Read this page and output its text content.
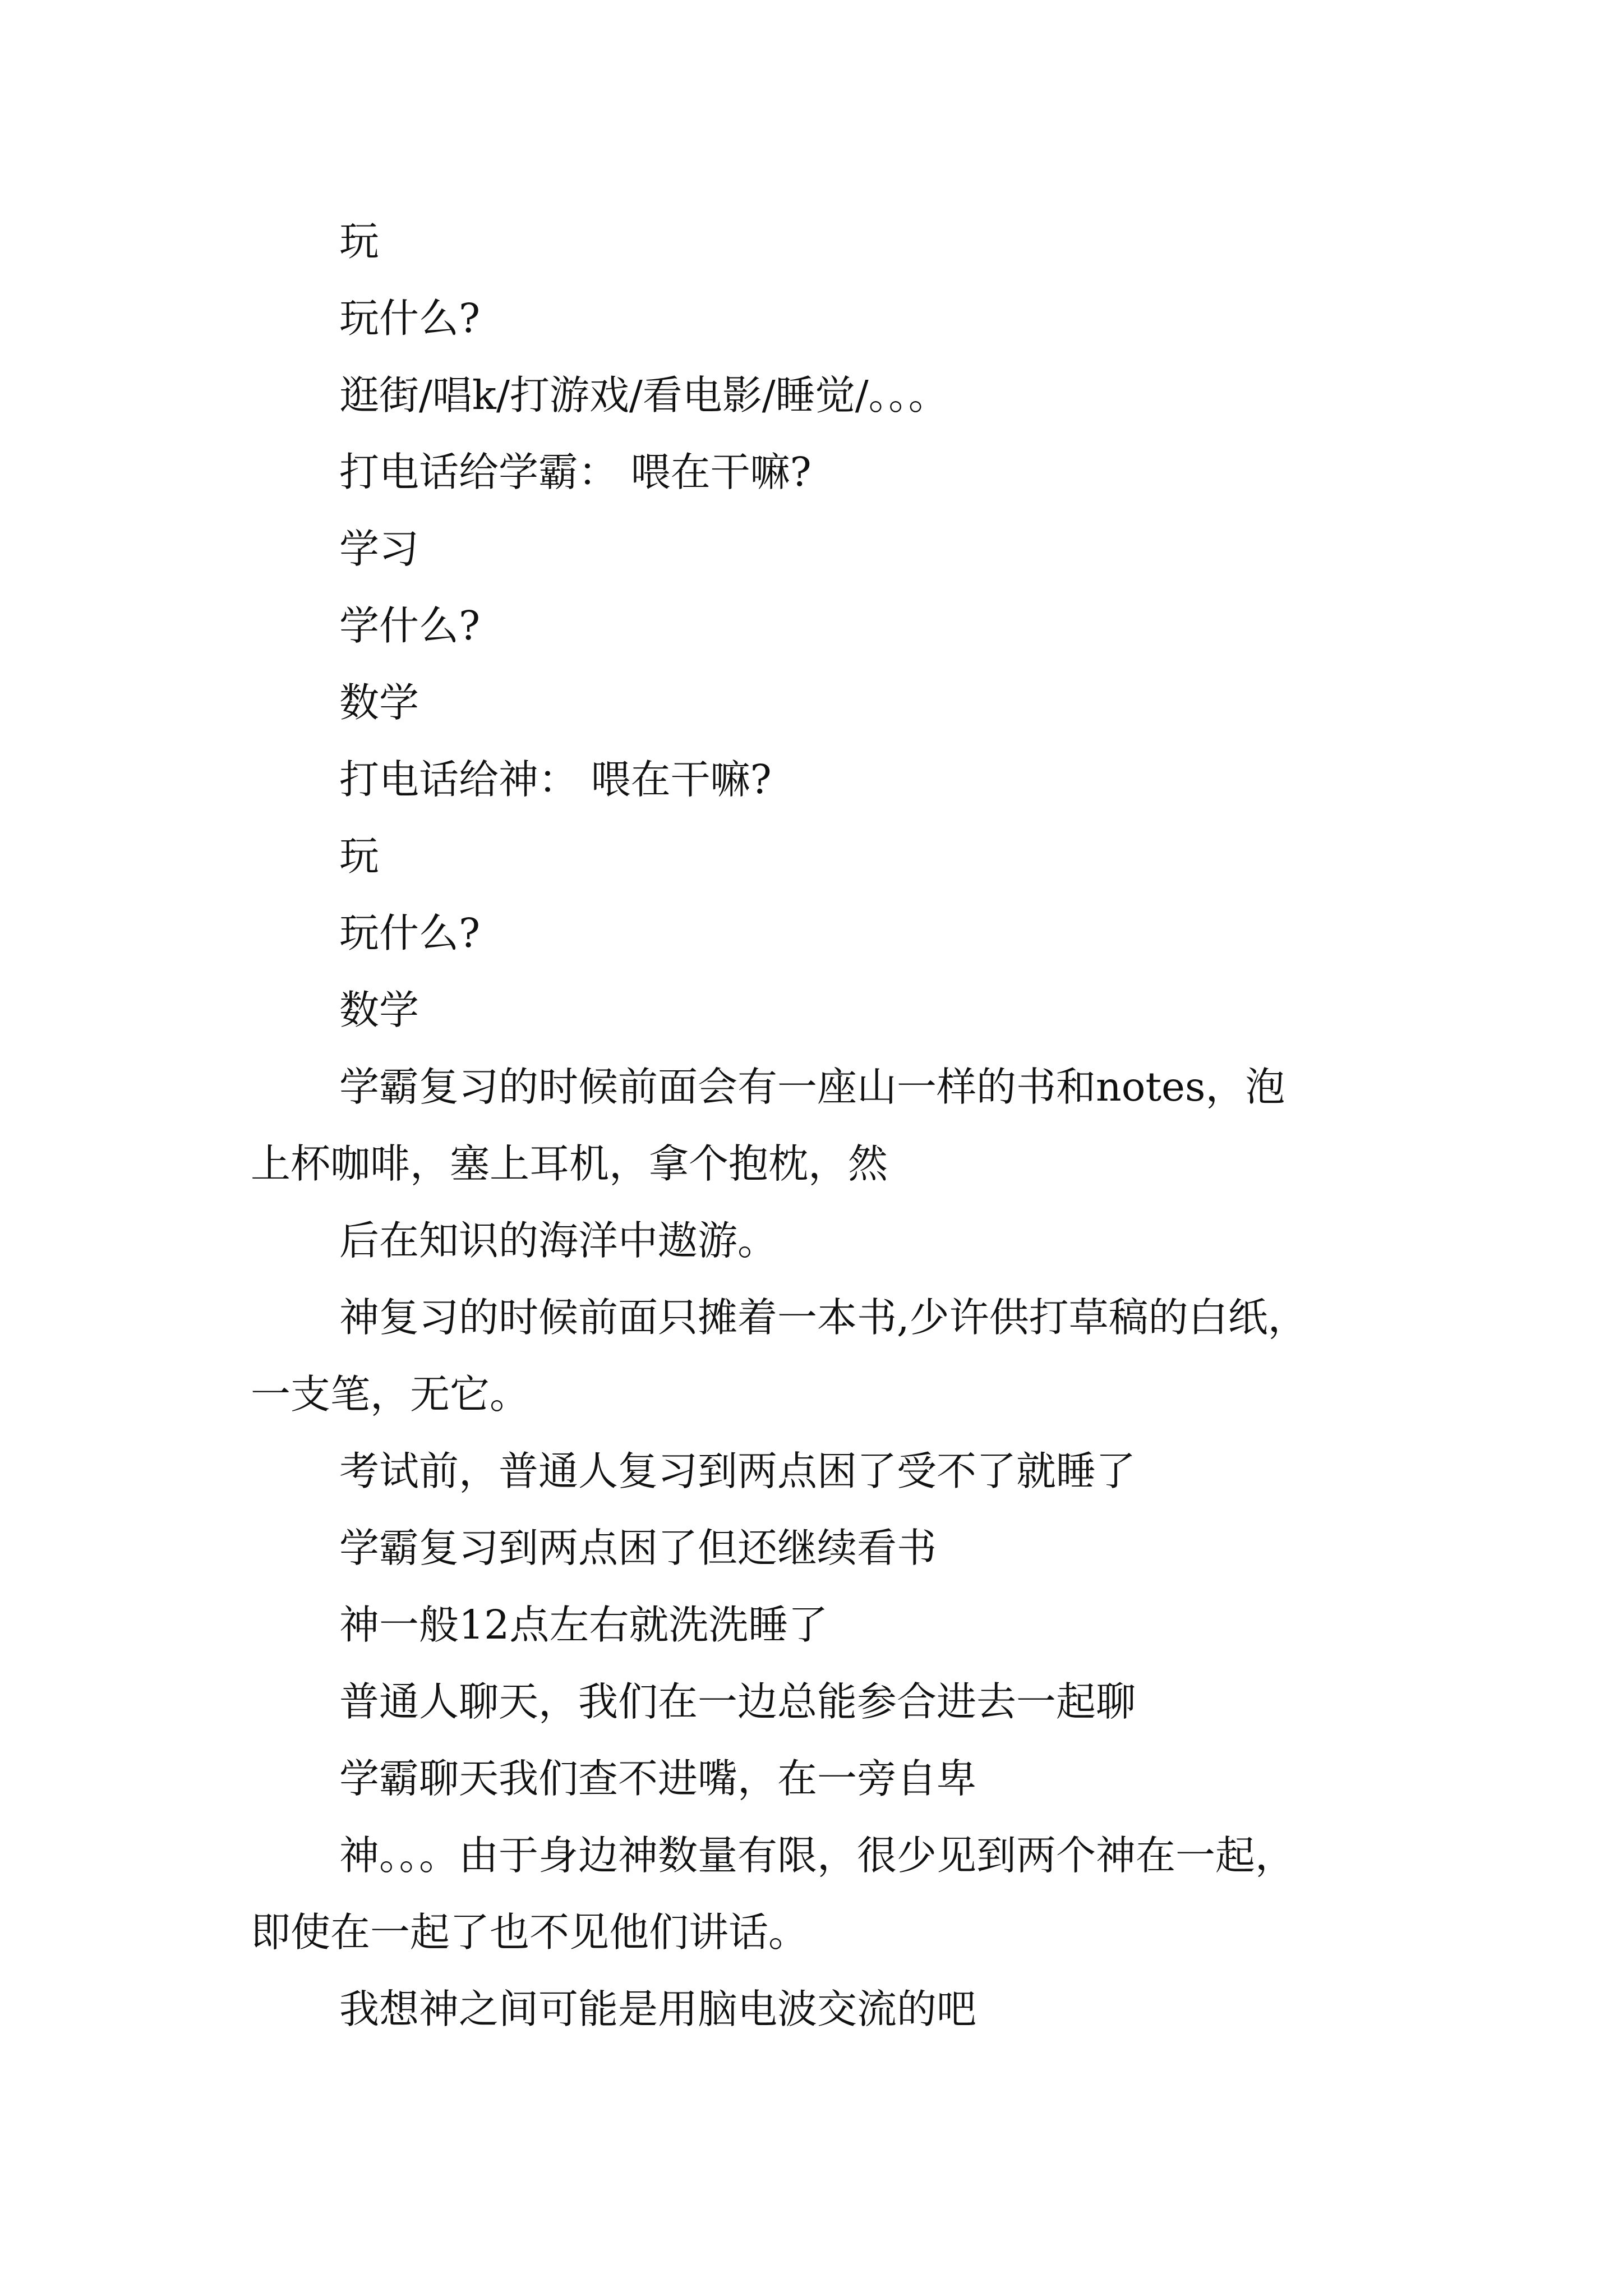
玩

玩什么?

逛街/唱k/打游戏/看电影/睡觉/。。。

打电话给学霸： 喂在干嘛?

学习

学什么?

数学

打电话给神： 喂在干嘛?

玩

玩什么?

数学

学霸复习的时候前面会有一座山一样的书和notes，泡
上杯咖啡，塞上耳机，拿个抱枕，然

后在知识的海洋中遨游。

神复习的时候前面只摊着一本书,少许供打草稿的白纸，
一支笔，无它。

考试前，普通人复习到两点困了受不了就睡了

学霸复习到两点困了但还继续看书

神一般12点左右就洗洗睡了

普通人聊天，我们在一边总能参合进去一起聊

学霸聊天我们查不进嘴，在一旁自卑

神。。。由于身边神数量有限，很少见到两个神在一起，
即使在一起了也不见他们讲话。

我想神之间可能是用脑电波交流的吧
